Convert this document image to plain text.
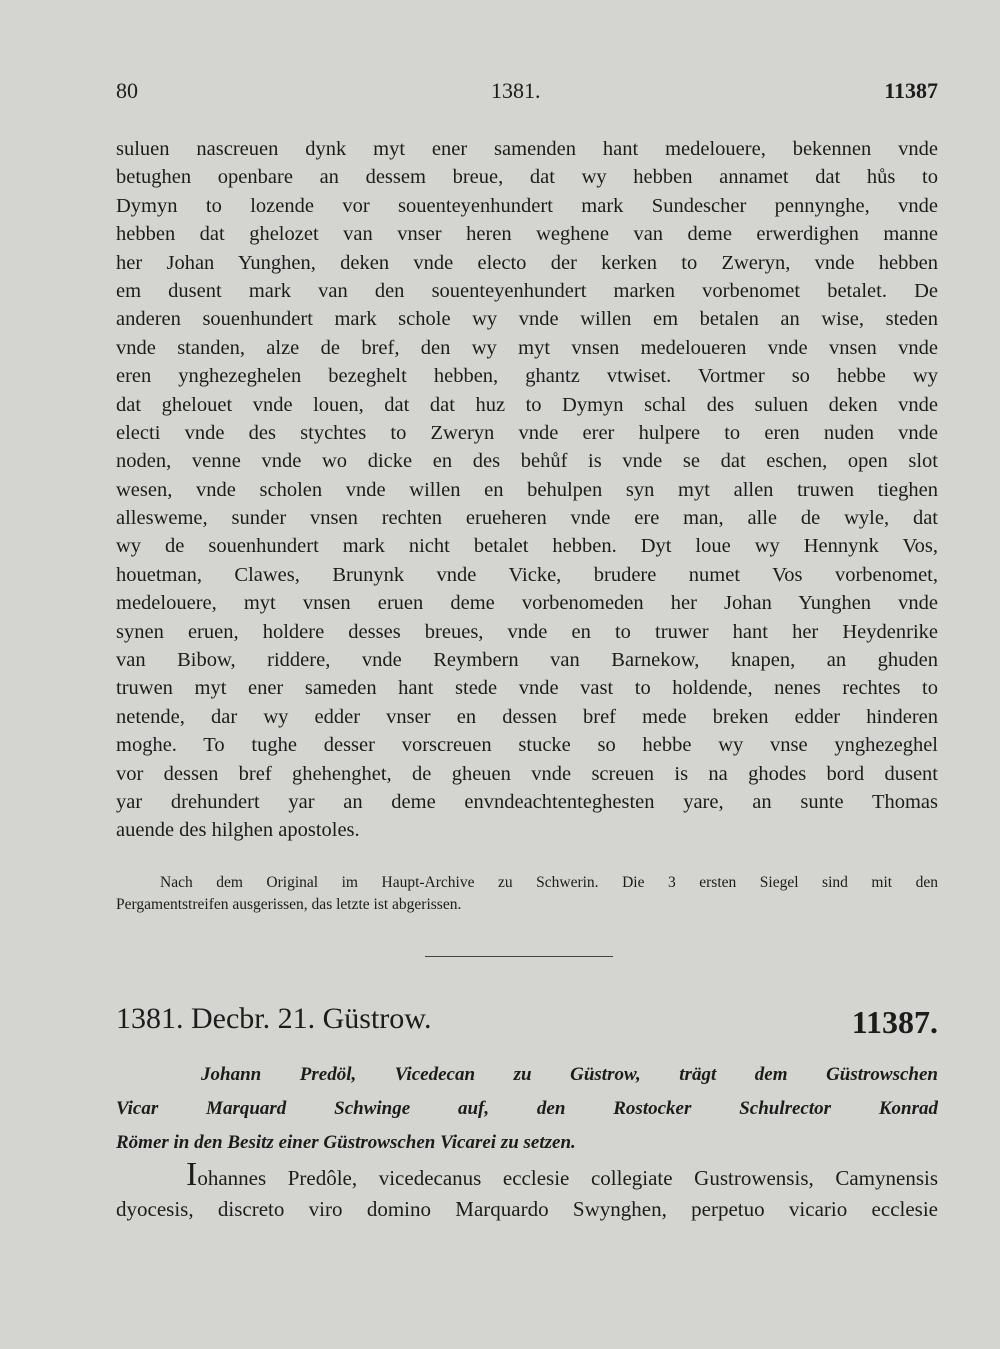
80	1381.	11387
suluen nascreuen dynk myt ener samenden hant medelouere, bekennen vnde
betughen openbare an dessem breue, dat wy hebben annamet dat hůs to
Dymyn to lozende vor souenteyenhundert mark Sundescher pennynghe, vnde
hebben dat ghelozet van vnser heren weghene van deme erwerdighen manne
her Johan Yunghen, deken vnde electo der kerken to Zweryn, vnde hebben
em dusent mark van den souenteyenhundert marken vorbenomet betalet. De
anderen souenhundert mark schole wy vnde willen em betalen an wise, steden
vnde standen, alze de bref, den wy myt vnsen medeloueren vnde vnsen vnde
eren ynghezeghelen bezeghelt hebben, ghantz vtwiset. Vortmer so hebbe wy
dat ghelouet vnde louen, dat dat huz to Dymyn schal des suluen deken vnde
electi vnde des stychtes to Zweryn vnde erer hulpere to eren nuden vnde
noden, venne vnde wo dicke en des behůf is vnde se dat eschen, open slot
wesen, vnde scholen vnde willen en behulpen syn myt allen truwen tieghen
allesweme, sunder vnsen rechten erueheren vnde ere man, alle de wyle, dat
wy de souenhundert mark nicht betalet hebben. Dyt loue wy Hennynk Vos,
houetman, Clawes, Brunynk vnde Vicke, brudere numet Vos vorbenomet,
medelouere, myt vnsen eruen deme vorbenomeden her Johan Yunghen vnde
synen eruen, holdere desses breues, vnde en to truwer hant her Heydenrike
van Bibow, riddere, vnde Reymbern van Barnekow, knapen, an ghuden
truwen myt ener sameden hant stede vnde vast to holdende, nenes rechtes to
netende, dar wy edder vnser en dessen bref mede breken edder hinderen
moghe. To tughe desser vorscreuen stucke so hebbe wy vnse ynghezeghel
vor dessen bref ghehenghet, de gheuen vnde screuen is na ghodes bord dusent
yar drehundert yar an deme envndeachtenteghesten yare, an sunte Thomas
auende des hilghen apostoles.
Nach dem Original im Haupt-Archive zu Schwerin. Die 3 ersten Siegel sind mit den
Pergamentstreifen ausgerissen, das letzte ist abgerissen.
1381. Decbr. 21. Güstrow.	11387.
Johann Predöl, Vicedecan zu Güstrow, trägt dem Güstrowschen
Vicar Marquard Schwinge auf, den Rostocker Schulrector Konrad
Römer in den Besitz einer Güstrowschen Vicarei zu setzen.
Iohannes Predôle, vicedecanus ecclesie collegiate Gustrowensis, Camynensis
dyocesis, discreto viro domino Marquardo Swynghen, perpetuo vicario ecclesie
